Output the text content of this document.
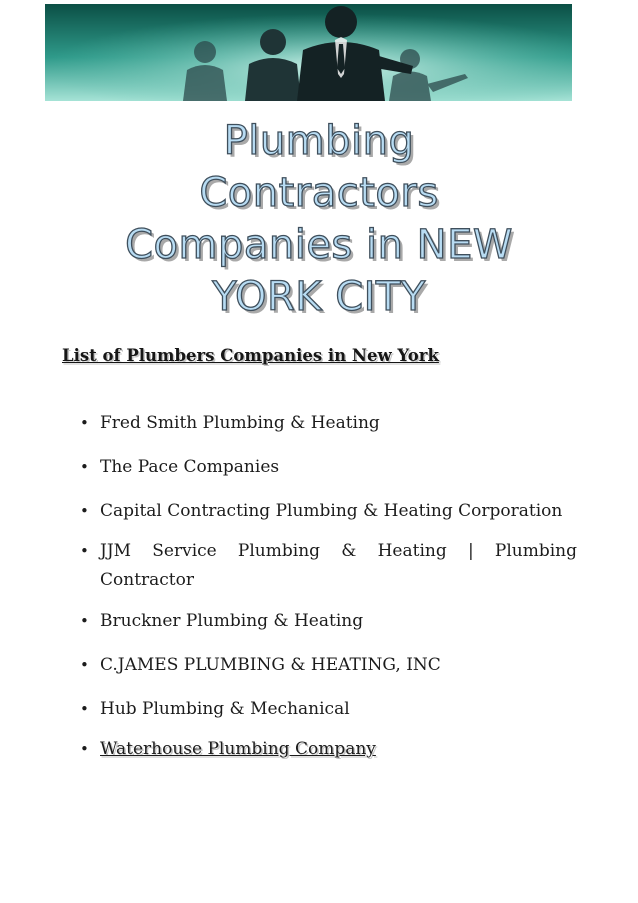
Plumbing
Contractors
Companies in NEW
YORK CITY

List of Plumbers Companies in New York

• Fred Smith Plumbing & Heating
• The Pace Companies
• Capital Contracting Plumbing & Heating Corporation
• JJM Service Plumbing & Heating | Plumbing Contractor
• Bruckner Plumbing & Heating
• C.JAMES PLUMBING & HEATING, INC
• Hub Plumbing & Mechanical
• Waterhouse Plumbing Company
